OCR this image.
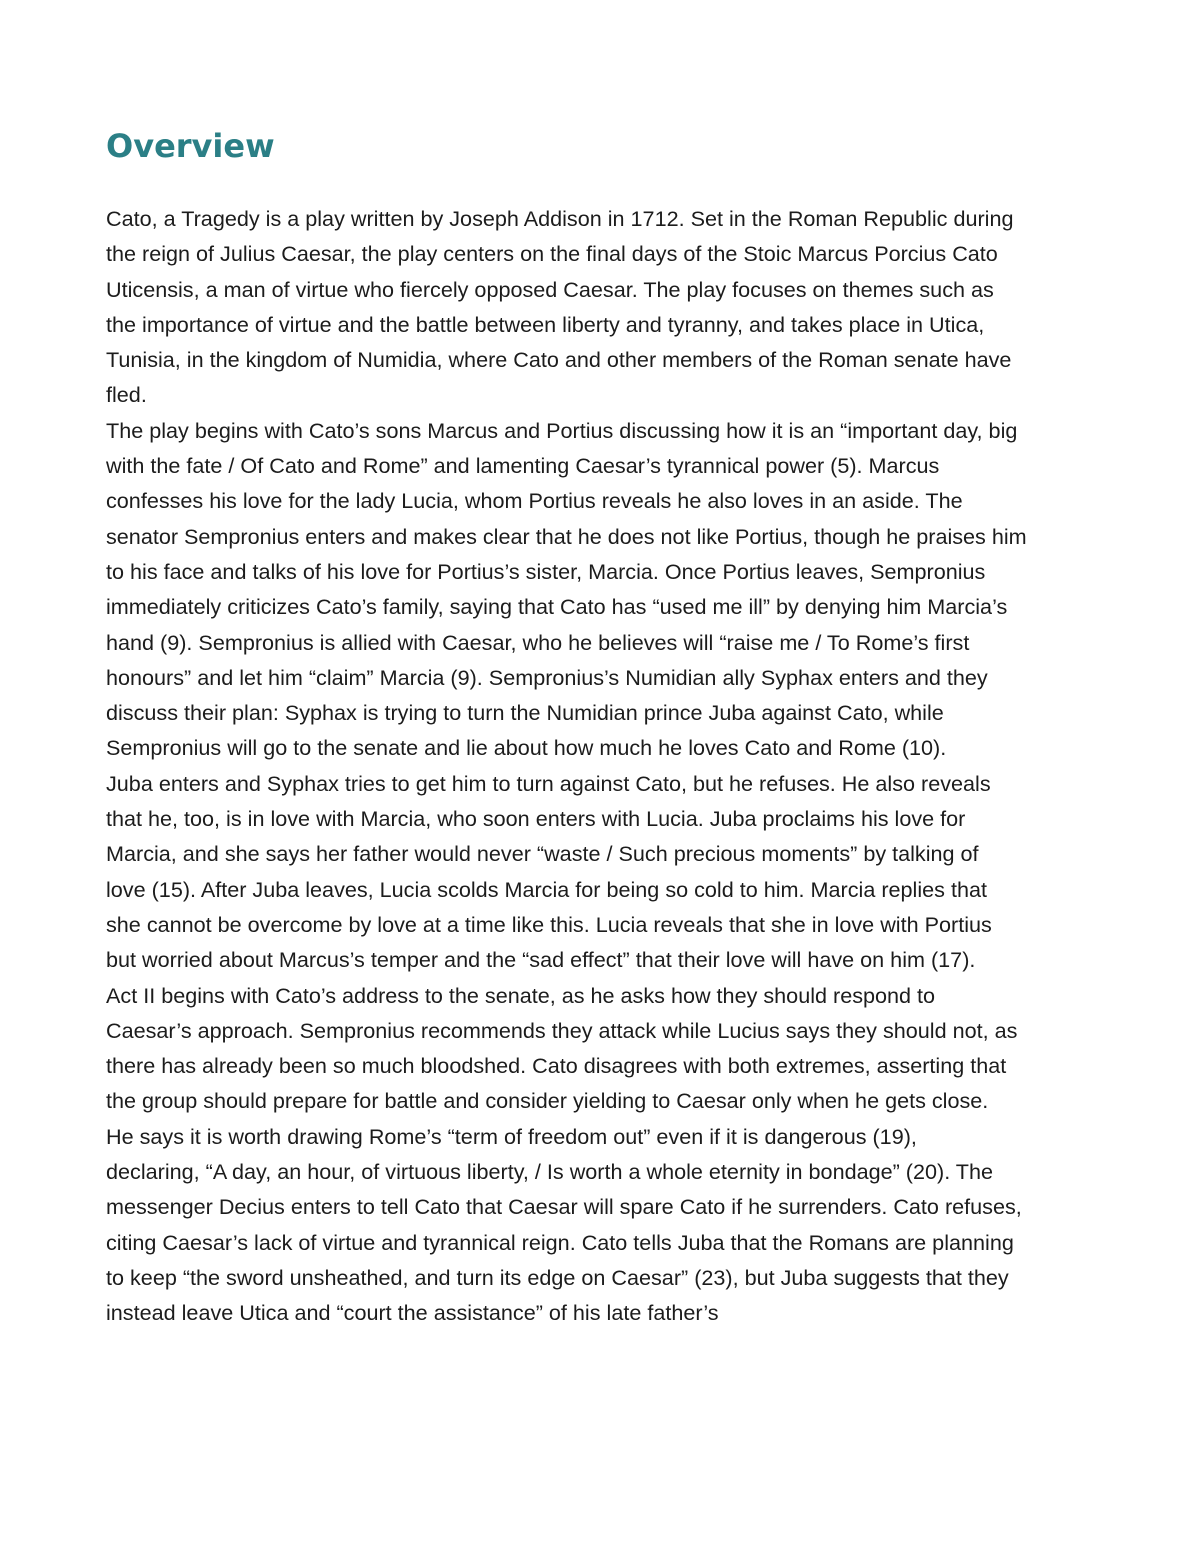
Overview
Cato, a Tragedy is a play written by Joseph Addison in 1712. Set in the Roman Republic during
the reign of Julius Caesar, the play centers on the final days of the Stoic Marcus Porcius Cato
Uticensis, a man of virtue who fiercely opposed Caesar. The play focuses on themes such as
the importance of virtue and the battle between liberty and tyranny, and takes place in Utica,
Tunisia, in the kingdom of Numidia, where Cato and other members of the Roman senate have
fled.
The play begins with Cato’s sons Marcus and Portius discussing how it is an “important day, big
with the fate / Of Cato and Rome” and lamenting Caesar’s tyrannical power (5). Marcus
confesses his love for the lady Lucia, whom Portius reveals he also loves in an aside. The
senator Sempronius enters and makes clear that he does not like Portius, though he praises him
to his face and talks of his love for Portius’s sister, Marcia. Once Portius leaves, Sempronius
immediately criticizes Cato’s family, saying that Cato has “used me ill” by denying him Marcia’s
hand (9). Sempronius is allied with Caesar, who he believes will “raise me / To Rome’s first
honours” and let him “claim” Marcia (9). Sempronius’s Numidian ally Syphax enters and they
discuss their plan: Syphax is trying to turn the Numidian prince Juba against Cato, while
Sempronius will go to the senate and lie about how much he loves Cato and Rome (10).
Juba enters and Syphax tries to get him to turn against Cato, but he refuses. He also reveals
that he, too, is in love with Marcia, who soon enters with Lucia. Juba proclaims his love for
Marcia, and she says her father would never “waste / Such precious moments” by talking of
love (15). After Juba leaves, Lucia scolds Marcia for being so cold to him. Marcia replies that
she cannot be overcome by love at a time like this. Lucia reveals that she in love with Portius
but worried about Marcus’s temper and the “sad effect” that their love will have on him (17).
Act II begins with Cato’s address to the senate, as he asks how they should respond to
Caesar’s approach. Sempronius recommends they attack while Lucius says they should not, as
there has already been so much bloodshed. Cato disagrees with both extremes, asserting that
the group should prepare for battle and consider yielding to Caesar only when he gets close.
He says it is worth drawing Rome’s “term of freedom out” even if it is dangerous (19),
declaring, “A day, an hour, of virtuous liberty, / Is worth a whole eternity in bondage” (20). The
messenger Decius enters to tell Cato that Caesar will spare Cato if he surrenders. Cato refuses,
citing Caesar’s lack of virtue and tyrannical reign. Cato tells Juba that the Romans are planning
to keep “the sword unsheathed, and turn its edge on Caesar” (23), but Juba suggests that they
instead leave Utica and “court the assistance” of his late father’s
